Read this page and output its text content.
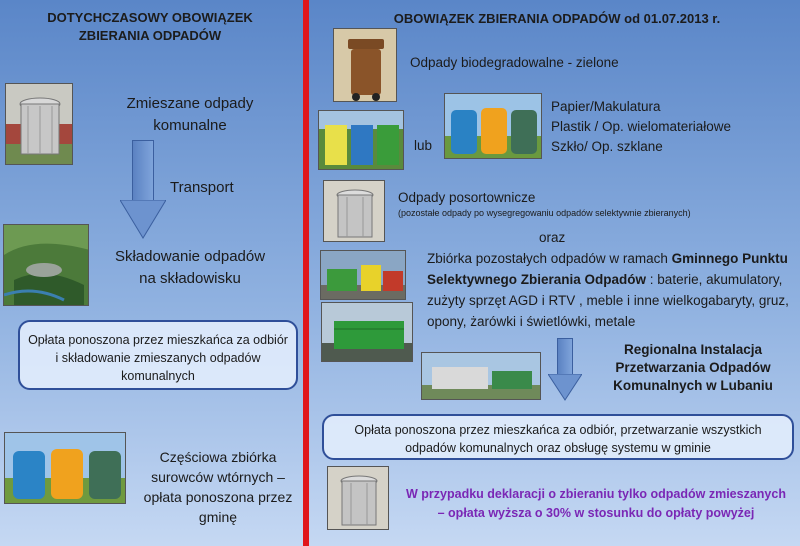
DOTYCHCZASOWY OBOWIĄZEK
ZBIERANIA ODPADÓW
Zmieszane odpady
komunalne
Transport
Składowanie odpadów
na składowisku
Opłata ponoszona przez mieszkańca za odbiór i składowanie zmieszanych odpadów komunalnych
Częściowa zbiórka
surowców wtórnych –
opłata ponoszona przez
gminę
OBOWIĄZEK ZBIERANIA ODPADÓW od 01.07.2013 r.
Odpady biodegradowalne - zielone
lub
Papier/Makulatura
Plastik / Op. wielomateriałowe
Szkło/ Op. szklane
Odpady posortownicze
(pozostałe odpady po wysegregowaniu odpadów selektywnie zbieranych)
oraz
Zbiórka pozostałych odpadów w ramach Gminnego Punktu Selektywnego Zbierania Odpadów : baterie, akumulatory, zużyty sprzęt AGD i RTV , meble i inne wielkogabaryty, gruz, opony, żarówki i świetlówki, metale
Regionalna Instalacja
Przetwarzania Odpadów
Komunalnych w Lubaniu
Opłata ponoszona przez mieszkańca za odbiór, przetwarzanie wszystkich odpadów komunalnych oraz obsługę systemu w gminie
W przypadku deklaracji o zbieraniu tylko odpadów zmieszanych
– opłata wyższa o 30% w stosunku do opłaty powyżej
